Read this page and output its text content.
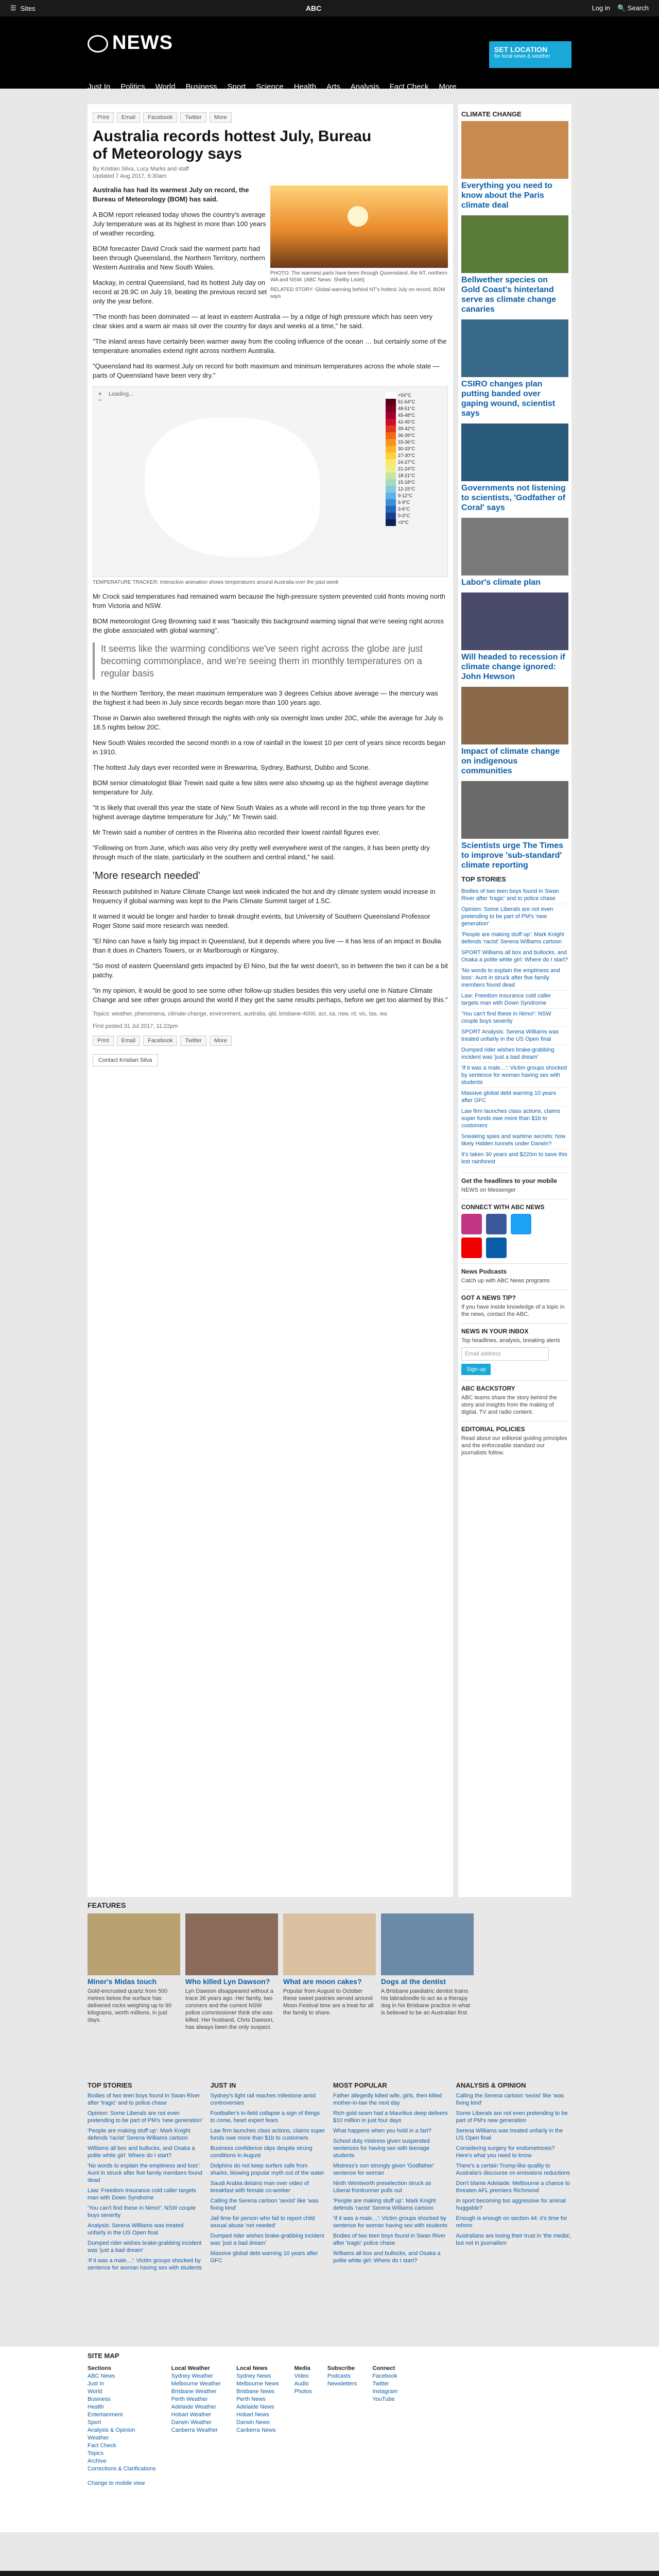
☰ Sites	ABC	Log in 🔍 Search
NEWS	SET LOCATION
for local news & weather
Just In Politics World Business Sport Science Health Arts Analysis Fact Check More
Print	Email	Facebook	Twitter	More
Australia records hottest July, Bureau of Meteorology says
By Kristian Silva, Lucy Marks and staff
Updated 7 Aug 2017, 6:30am

Australia has had its warmest July on record, the Bureau of Meteorology (BOM) has said.

A BOM report released today shows the country's average July temperature was at its highest in more than 100 years of weather recording.

BOM forecaster David Crock said the warmest parts had been through Queensland, the Northern Territory, northern Western Australia and New South Wales.

Mackay, in central Queensland, had its hottest July day on record at 28.9C on July 19, beating the previous record set only the year before.

PHOTO: The warmest parts have been through Queensland, the NT, northern WA and NSW. (ABC News: Shelby Lisiet)
RELATED STORY: Global warming behind NT's hottest July on record, BOM says

"The month has been dominated — at least in eastern Australia — by a ridge of high pressure which has seen very clear skies and a warm air mass sit over the country for days and weeks at a time," he said.

"The inland areas have certainly been warmer away from the cooling influence of the ocean … but certainly some of the temperature anomalies extend right across northern Australia.

"Queensland had its warmest July on record for both maximum and minimum temperatures across the whole state — parts of Queensland have been very dry."

+
−
Loading...	+54°C
51-54°C
48-51°C
45-48°C
42-45°C
39-42°C
36-39°C
33-36°C
30-33°C
27-30°C
24-27°C
21-24°C
18-21°C
15-18°C
12-15°C
9-12°C
6-9°C
3-6°C
0-3°C
<0°C
TEMPERATURE TRACKER: Interactive animation shows temperatures around Australia over the past week

Mr Crock said temperatures had remained warm because the high-pressure system prevented cold fronts moving north from Victoria and NSW.

BOM meteorologist Greg Browning said it was "basically this background warming signal that we're seeing right across the globe associated with global warming".

It seems like the warming conditions we've seen right across the globe are just becoming commonplace, and we're seeing them in monthly temperatures on a regular basis

In the Northern Territory, the mean maximum temperature was 3 degrees Celsius above average — the mercury was the highest it had been in July since records began more than 100 years ago.

Those in Darwin also sweltered through the nights with only six overnight lows under 20C, while the average for July is 18.5 nights below 20C.

New South Wales recorded the second month in a row of rainfall in the lowest 10 per cent of years since records began in 1910.

The hottest July days ever recorded were in Brewarrina, Sydney, Bathurst, Dubbo and Scone.

BOM senior climatologist Blair Trewin said quite a few sites were also showing up as the highest average daytime temperature for July.

"It is likely that overall this year the state of New South Wales as a whole will record in the top three years for the highest average daytime temperature for July," Mr Trewin said.

Mr Trewin said a number of centres in the Riverina also recorded their lowest rainfall figures ever.

"Following on from June, which was also very dry pretty well everywhere west of the ranges, it has been pretty dry through much of the state, particularly in the southern and central inland," he said.

'More research needed'

Research published in Nature Climate Change last week indicated the hot and dry climate system would increase in frequency if global warming was kept to the Paris Climate Summit target of 1.5C.

It warned it would be longer and harder to break drought events, but University of Southern Queensland Professor Roger Stone said more research was needed.

"El Nino can have a fairly big impact in Queensland, but it depends where you live — it has less of an impact in Boulia than it does in Charters Towers, or in Marlborough or Kingaroy.

"So most of eastern Queensland gets impacted by El Nino, but the far west doesn't, so in between the two it can be a bit patchy.

"In my opinion, it would be good to see some other follow-up studies besides this very useful one in Nature Climate Change and see other groups around the world if they get the same results perhaps, before we get too alarmed by this."

Topics: weather, phenomena, climate-change, environment, australia, qld, brisbane-4000, act, sa, nsw, nt, vic, tas, wa
First posted 31 Jul 2017, 11:22pm
Print	Email	Facebook	Twitter	More
Contact Kristian Silva
CLIMATE CHANGE
Everything you need to know about the Paris climate deal
Bellwether species on Gold Coast's hinterland serve as climate change canaries
CSIRO changes plan putting banded over gaping wound, scientist says
Governments not listening to scientists, 'Godfather of Coral' says
Labor's climate plan
Will headed to recession if climate change ignored: John Hewson
Impact of climate change on indigenous communities
Scientists urge The Times to improve 'sub-standard' climate reporting
TOP STORIES
Bodies of two teen boys found in Swan River after 'tragic' and to police chase
Opinion: Some Liberals are not even pretending to be part of PM's 'new generation'
'People are making stuff up': Mark Knight defends 'racist' Serena Williams cartoon
SPORT Williams all box and bullocks, and Osaka a polite white girl: Where do I start?
'No words to explain the emptiness and loss': Aunt in struck after five family members found dead
Law: Freedom Insurance cold caller targets man with Down Syndrome
'You can't find these in Nimo!': NSW couple buys severity
SPORT Analysis: Serena Williams was treated unfairly in the US Open final
Dumped rider wishes brake-grabbing incident was 'just a bad dream'
'If it was a male…': Victim groups shocked by sentence for woman having sex with students
Massive global debt warning 10 years after GFC
Law firm launches class actions, claims super funds owe more than $1b to customers
Sneaking spies and wartime secrets: how likely Hidden tunnels under Darwin?
It's taken 30 years and $220m to save this lost rainforest
Get the headlines to your mobile

NEWS on Messenger

CONNECT WITH ABC NEWS
News Podcasts

Catch up with ABC News programs

GOT A NEWS TIP?

If you have inside knowledge of a topic in the news, contact the ABC.

NEWS IN YOUR INBOX

Top headlines, analysis, breaking alerts

Email address
Sign up
ABC BACKSTORY

ABC teams share the story behind the story and insights from the making of digital, TV and radio content.

EDITORIAL POLICIES

Read about our editorial guiding principles and the enforceable standard our journalists follow.

FEATURES
Miner's Midas touch

Gold-encrusted quartz from 500 metres below the surface has delivered rocks weighing up to 90 kilograms, worth millions, in just days.

Who killed Lyn Dawson?

Lyn Dawson disappeared without a trace 36 years ago. Her family, two coroners and the current NSW police commissioner think she was killed. Her husband, Chris Dawson, has always been the only suspect.

What are moon cakes?

Popular from August to October these sweet pastries served around Moon Festival time are a treat for all the family to share.

Dogs at the dentist

A Brisbane paediatric dentist trains his labradoodle to act as a therapy dog in his Brisbane practice in what is believed to be an Australian first.

TOP STORIES
Bodies of two teen boys found in Swan River after 'tragic' and to police chase
Opinion: Some Liberals are not even pretending to be part of PM's 'new generation'
'People are making stuff up': Mark Knight defends 'racist' Serena Williams cartoon
Williams all box and bullocks, and Osaka a polite white girl: Where do I start?
'No words to explain the emptiness and loss': Aunt in struck after five family members found dead
Law: Freedom Insurance cold caller targets man with Down Syndrome
'You can't find these in Nimo!': NSW couple buys severity
Analysis: Serena Williams was treated unfairly in the US Open final
Dumped rider wishes brake-grabbing incident was 'just a bad dream'
'If it was a male…': Victim groups shocked by sentence for woman having sex with students
JUST IN
Sydney's light rail reaches milestone amid controversies
Footballer's in-field collapse a sign of things to come, heart expert fears
Law firm launches class actions, claims super funds owe more than $1b to customers
Business confidence slips despite strong conditions in August
Dolphins do not keep surfers safe from sharks, blowing popular myth out of the water
Saudi Arabia detains man over video of breakfast with female co-worker
Calling the Serena cartoon 'sexist' like 'was fixing kind'
Jail time for person who fail to report child sexual abuse 'not needed'
Dumped rider wishes brake-grabbing incident was 'just a bad dream'
Massive global debt warning 10 years after GFC
MOST POPULAR
Father allegedly killed wife, girls, then killed mother-in-law the next day
Rich gold seam had a Mauritius deep delivers $10 million in just four days
What happens when you hold in a fart?
School duty mistress given suspended sentences for having sex with teenage students
Mistress's son strongly given 'Godfather' sentence for woman
Ninth Wentworth preselection struck as Liberal frontrunner pulls out
'People are making stuff up': Mark Knight defends 'racist' Serena Williams cartoon
'If it was a male…': Victim groups shocked by sentence for woman having sex with students
Bodies of two teen boys found in Swan River after 'tragic' police chase
Williams all box and bullocks, and Osaka a polite white girl: Where do I start?
ANALYSIS & OPINION
Calling the Serena cartoon 'sexist' like 'was fixing kind'
Some Liberals are not even pretending to be part of PM's new generation
Serena Williams was treated unfairly in the US Open final
Considering surgery for endometriosis? Here's what you need to know
There's a certain Trump-like quality to Australia's discourse on emissions reductions
Don't blame Adelaide: Melbourne a chance to threaten AFL premiers Richmond
In sport becoming too aggressive for animal huggable?
Enough is enough on section 44: it's time for reform
Australians are losing their trust in 'the media', but not in journalism
SITE MAP
Sections
ABC News
Just In
World
Business
Health
Entertainment
Sport
Analysis & Opinion
Weather
Fact Check
Topics
Archive
Corrections & Clarifications
Local Weather
Sydney Weather
Melbourne Weather
Brisbane Weather
Perth Weather
Adelaide Weather
Hobart Weather
Darwin Weather
Canberra Weather
Local News
Sydney News
Melbourne News
Brisbane News
Perth News
Adelaide News
Hobart News
Darwin News
Canberra News
Media
Video
Audio
Photos
Subscribe
Podcasts
Newsletters
Connect
Facebook
Twitter
Instagram
YouTube
Change to mobile view
